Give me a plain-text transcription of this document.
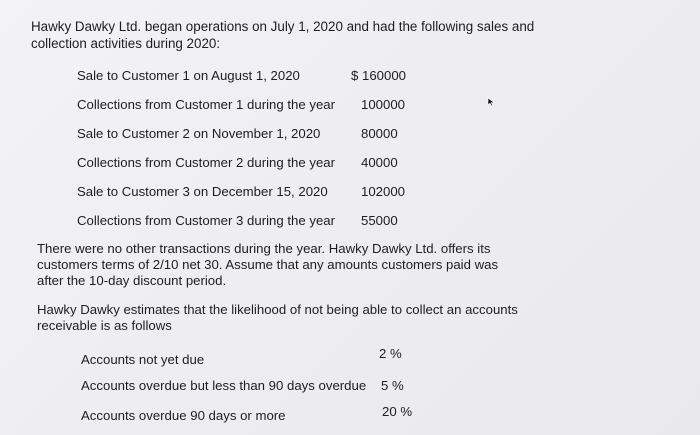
Hawky Dawky Ltd. began operations on July 1, 2020 and had the following sales and collection activities during 2020:

Sale to Customer 1 on August 1, 2020	$ 160000
Collections from Customer 1 during the year 100000
Sale to Customer 2 on November 1, 2020	80000
Collections from Customer 2 during the year 40000
Sale to Customer 3 on December 15, 2020	102000
Collections from Customer 3 during the year 55000

There were no other transactions during the year. Hawky Dawky Ltd. offers its customers terms of 2/10 net 30. Assume that any amounts customers paid was after the 10-day discount period.

Hawky Dawky estimates that the likelihood of not being able to collect an accounts receivable is as follows

Accounts not yet due	2 %
Accounts overdue but less than 90 days overdue 5 %
Accounts overdue 90 days or more	20 %
